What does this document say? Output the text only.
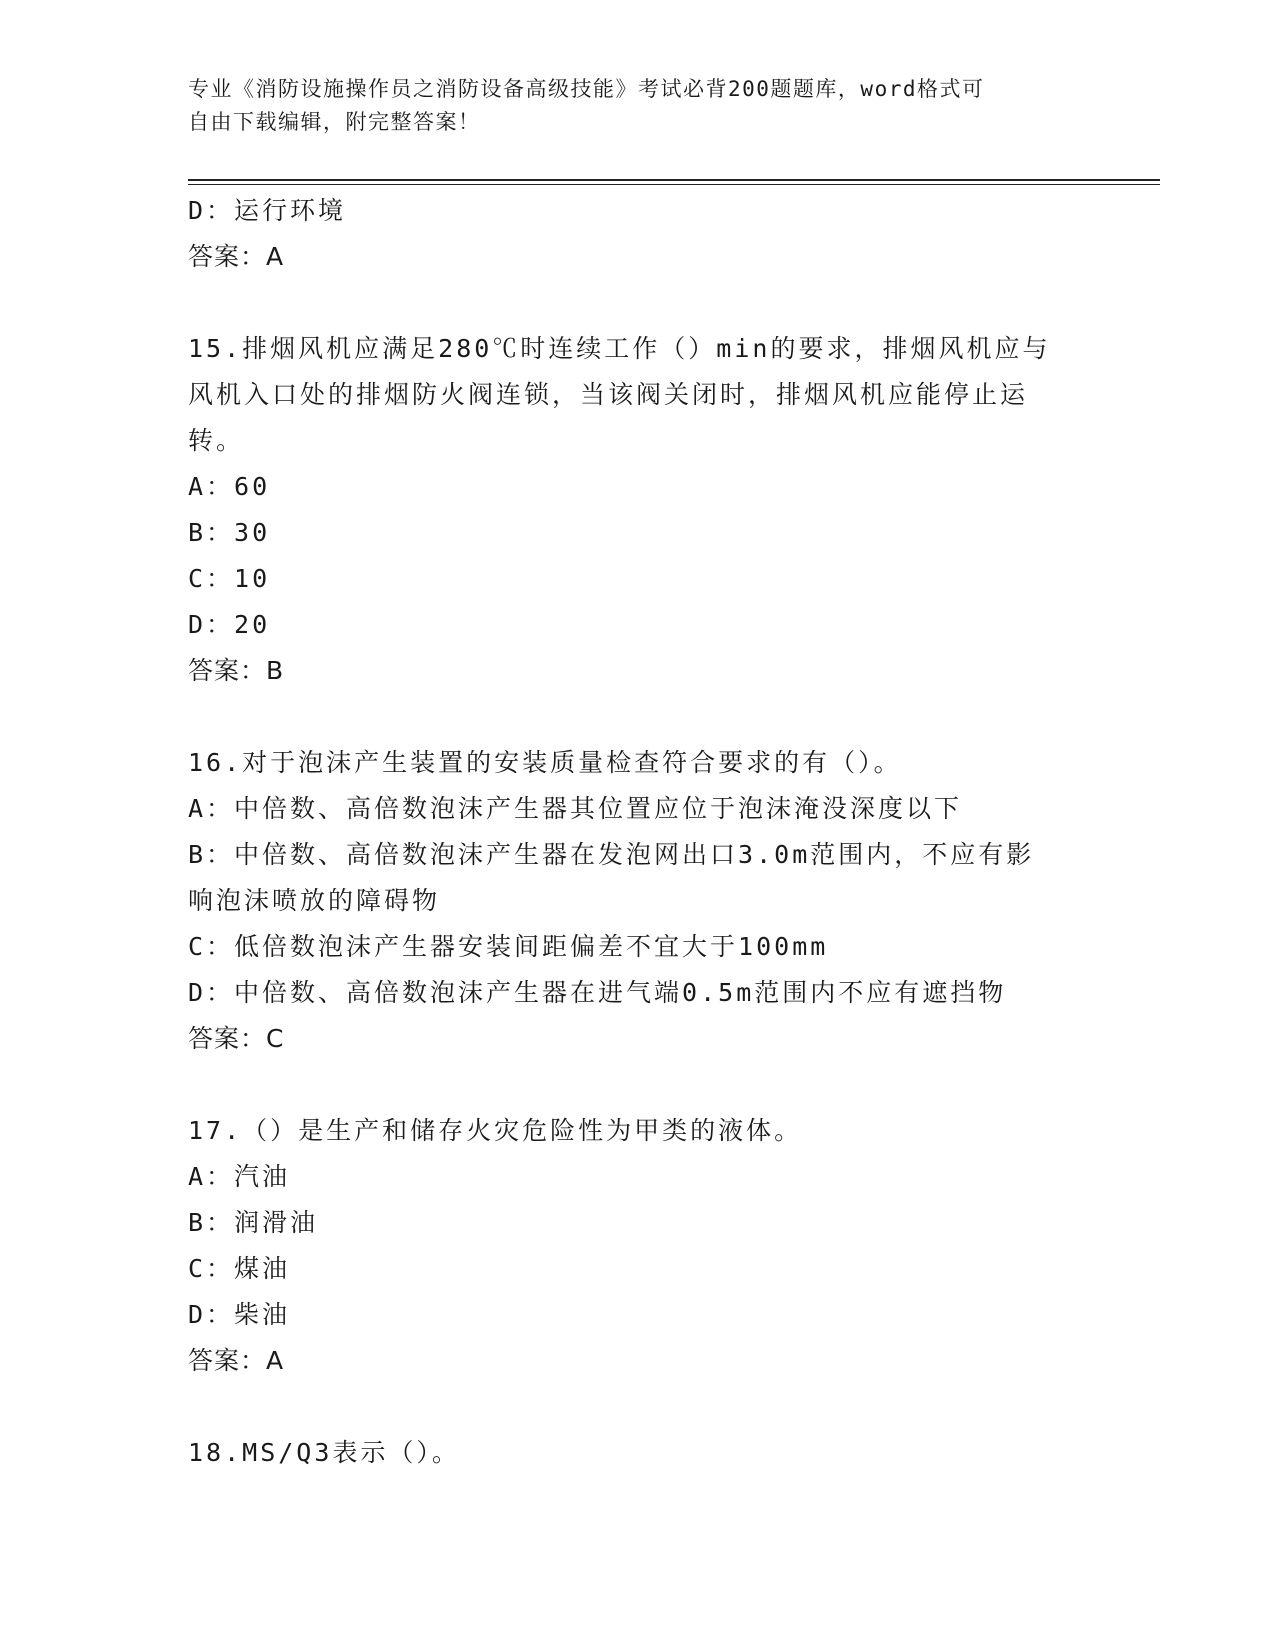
专业《消防设施操作员之消防设备高级技能》考试必背200题题库，word格式可
自由下载编辑，附完整答案！
D：运行环境
答案：A
15.排烟风机应满足280℃时连续工作（）min的要求，排烟风机应与
风机入口处的排烟防火阀连锁，当该阀关闭时，排烟风机应能停止运
转。
A：60
B：30
C：10
D：20
答案：B
16.对于泡沫产生装置的安装质量检查符合要求的有（）。
A：中倍数、高倍数泡沫产生器其位置应位于泡沫淹没深度以下
B：中倍数、高倍数泡沫产生器在发泡网出口3.0m范围内，不应有影
响泡沫喷放的障碍物
C：低倍数泡沫产生器安装间距偏差不宜大于100mm
D：中倍数、高倍数泡沫产生器在进气端0.5m范围内不应有遮挡物
答案：C
17.（）是生产和储存火灾危险性为甲类的液体。
A：汽油
B：润滑油
C：煤油
D：柴油
答案：A
18.MS/Q3表示（）。
